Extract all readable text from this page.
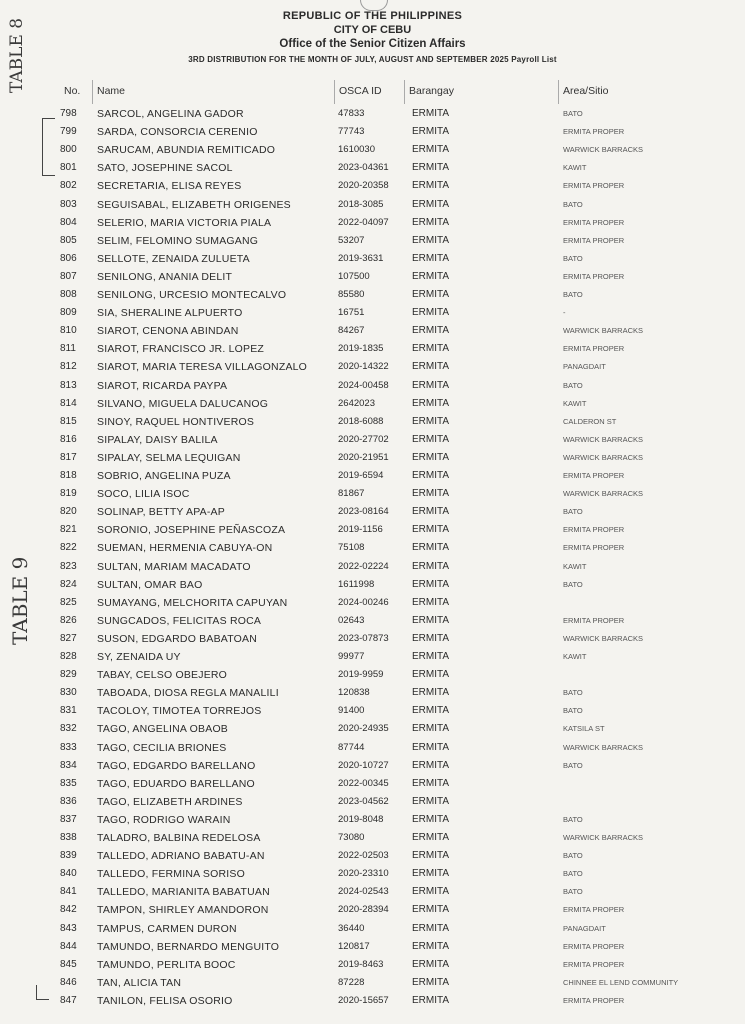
REPUBLIC OF THE PHILIPPINES
CITY OF CEBU
Office of the Senior Citizen Affairs
3RD DISTRIBUTION FOR THE MONTH OF JULY, AUGUST AND SEPTEMBER 2025 Payroll List
No.	Name	OSCA ID	Barangay	Area/Sitio
798	SARCOL, ANGELINA GADOR	47833	ERMITA	BATO
799	SARDA, CONSORCIA CERENIO	77743	ERMITA	ERMITA PROPER
800	SARUCAM, ABUNDIA REMITICADO	1610030	ERMITA	WARWICK BARRACKS
801	SATO, JOSEPHINE SACOL	2023-04361	ERMITA	KAWIT
802	SECRETARIA, ELISA REYES	2020-20358	ERMITA	ERMITA PROPER
803	SEGUISABAL, ELIZABETH ORIGENES	2018-3085	ERMITA	BATO
804	SELERIO, MARIA VICTORIA PIALA	2022-04097	ERMITA	ERMITA PROPER
805	SELIM, FELOMINO SUMAGANG	53207	ERMITA	ERMITA PROPER
806	SELLOTE, ZENAIDA ZULUETA	2019-3631	ERMITA	BATO
807	SENILONG, ANANIA DELIT	107500	ERMITA	ERMITA PROPER
808	SENILONG, URCESIO MONTECALVO	85580	ERMITA	BATO
809	SIA, SHERALINE ALPUERTO	16751	ERMITA	-
810	SIAROT, CENONA ABINDAN	84267	ERMITA	WARWICK BARRACKS
811	SIAROT, FRANCISCO JR. LOPEZ	2019-1835	ERMITA	ERMITA PROPER
812	SIAROT, MARIA TERESA VILLAGONZALO	2020-14322	ERMITA	PANAGDAIT
813	SIAROT, RICARDA PAYPA	2024-00458	ERMITA	BATO
814	SILVANO, MIGUELA DALUCANOG	2642023	ERMITA	KAWIT
815	SINOY, RAQUEL HONTIVEROS	2018-6088	ERMITA	CALDERON ST
816	SIPALAY, DAISY BALILA	2020-27702	ERMITA	WARWICK BARRACKS
817	SIPALAY, SELMA LEQUIGAN	2020-21951	ERMITA	WARWICK BARRACKS
818	SOBRIO, ANGELINA PUZA	2019-6594	ERMITA	ERMITA PROPER
819	SOCO, LILIA ISOC	81867	ERMITA	WARWICK BARRACKS
820	SOLINAP, BETTY APA-AP	2023-08164	ERMITA	BATO
821	SORONIO, JOSEPHINE PEÑASCOZA	2019-1156	ERMITA	ERMITA PROPER
822	SUEMAN, HERMENIA CABUYA-ON	75108	ERMITA	ERMITA PROPER
823	SULTAN, MARIAM MACADATO	2022-02224	ERMITA	KAWIT
824	SULTAN, OMAR BAO	1611998	ERMITA	BATO
825	SUMAYANG, MELCHORITA CAPUYAN	2024-00246	ERMITA
826	SUNGCADOS, FELICITAS ROCA	02643	ERMITA	ERMITA PROPER
827	SUSON, EDGARDO BABATOAN	2023-07873	ERMITA	WARWICK BARRACKS
828	SY, ZENAIDA UY	99977	ERMITA	KAWIT
829	TABAY, CELSO OBEJERO	2019-9959	ERMITA
830	TABOADA, DIOSA REGLA MANALILI	120838	ERMITA	BATO
831	TACOLOY, TIMOTEA TORREJOS	91400	ERMITA	BATO
832	TAGO, ANGELINA OBAOB	2020-24935	ERMITA	KATSILA ST
833	TAGO, CECILIA BRIONES	87744	ERMITA	WARWICK BARRACKS
834	TAGO, EDGARDO BARELLANO	2020-10727	ERMITA	BATO
835	TAGO, EDUARDO BARELLANO	2022-00345	ERMITA
836	TAGO, ELIZABETH ARDINES	2023-04562	ERMITA
837	TAGO, RODRIGO WARAIN	2019-8048	ERMITA	BATO
838	TALADRO, BALBINA REDELOSA	73080	ERMITA	WARWICK BARRACKS
839	TALLEDO, ADRIANO BABATU-AN	2022-02503	ERMITA	BATO
840	TALLEDO, FERMINA SORISO	2020-23310	ERMITA	BATO
841	TALLEDO, MARIANITA BABATUAN	2024-02543	ERMITA	BATO
842	TAMPON, SHIRLEY AMANDORON	2020-28394	ERMITA	ERMITA PROPER
843	TAMPUS, CARMEN DURON	36440	ERMITA	PANAGDAIT
844	TAMUNDO, BERNARDO MENGUITO	120817	ERMITA	ERMITA PROPER
845	TAMUNDO, PERLITA BOOC	2019-8463	ERMITA	ERMITA PROPER
846	TAN, ALICIA TAN	87228	ERMITA	CHINNEE EL LEND COMMUNITY
847	TANILON, FELISA OSORIO	2020-15657	ERMITA	ERMITA PROPER
TABLE 8
TABLE 9
